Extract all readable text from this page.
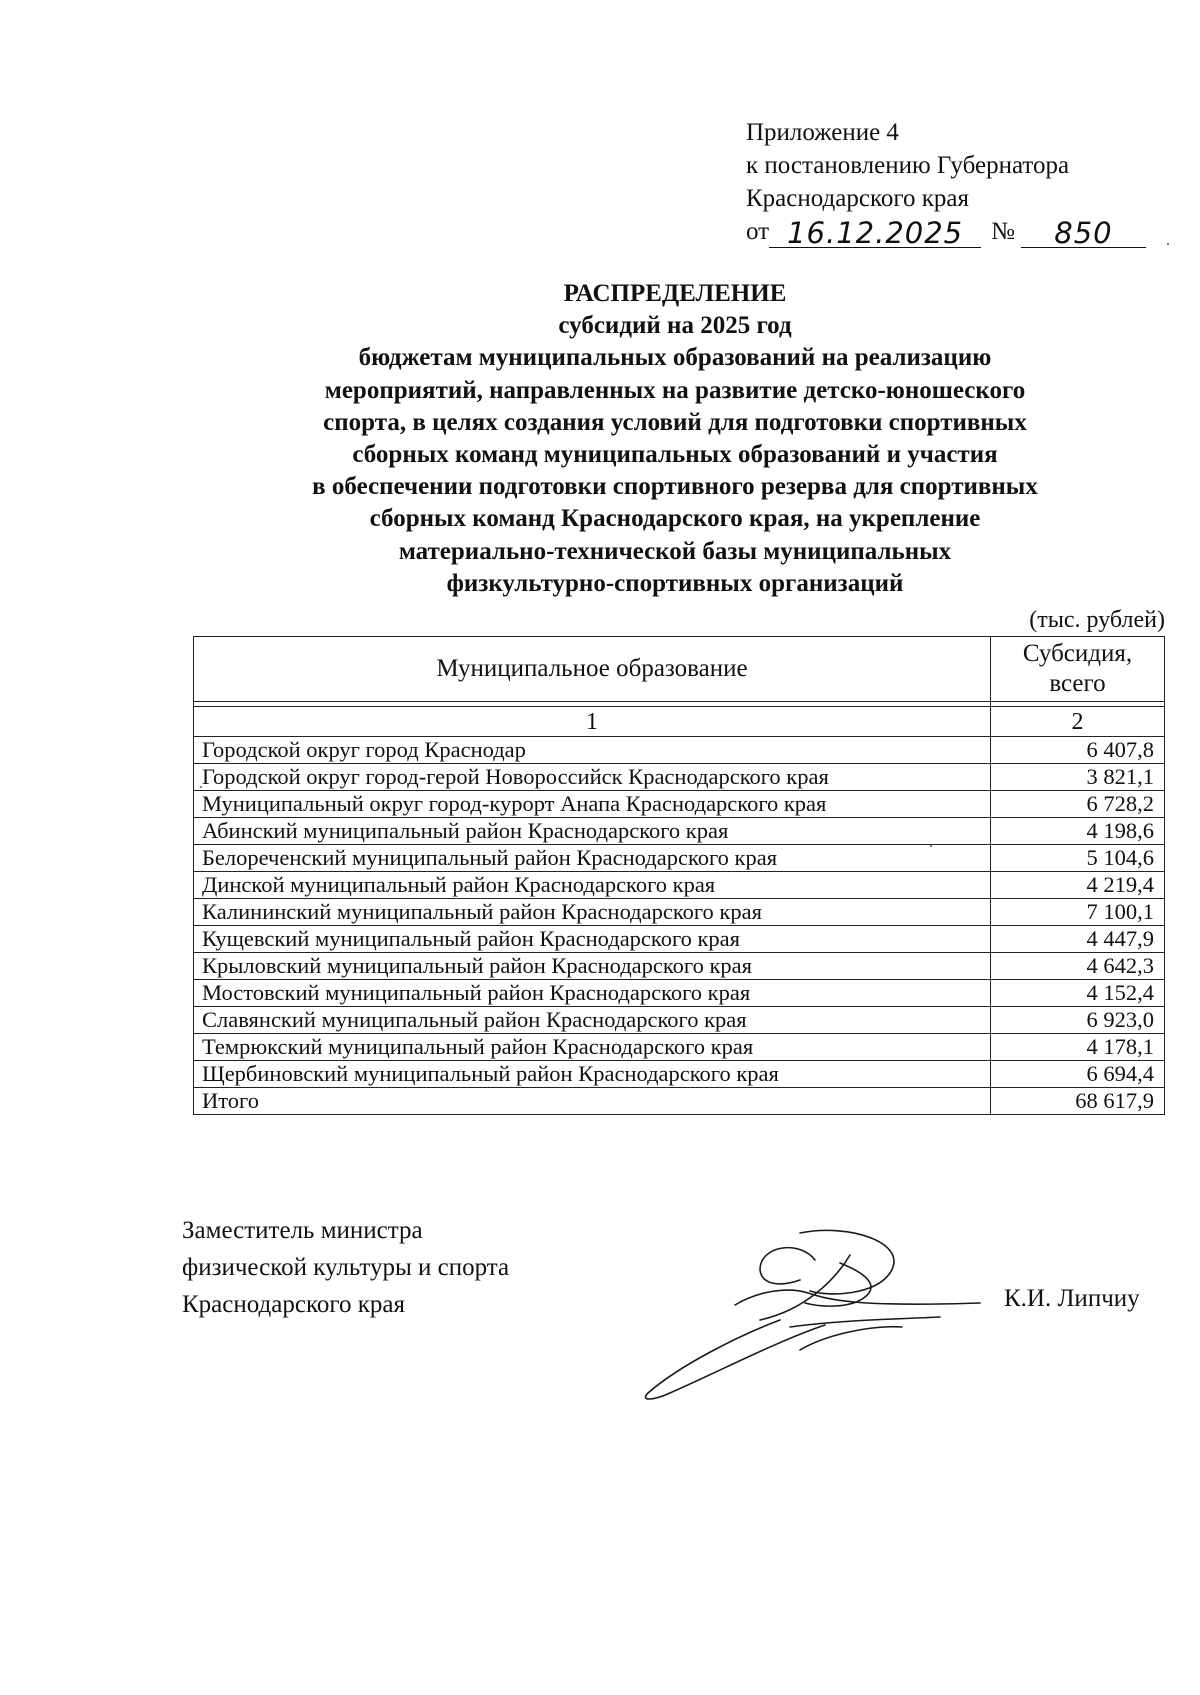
Приложение 4
к постановлению Губернатора
Краснодарского края
от 16.12.2025	№	850
РАСПРЕДЕЛЕНИЕ
субсидий на 2025 год
бюджетам муниципальных образований на реализацию
мероприятий, направленных на развитие детско-юношеского
спорта, в целях создания условий для подготовки спортивных
сборных команд муниципальных образований и участия
в обеспечении подготовки спортивного резерва для спортивных
сборных команд Краснодарского края, на укрепление
материально-технической базы муниципальных
физкультурно-спортивных организаций
(тыс. рублей)
Муниципальное образование	Субсидия,
всего

1	2
Городской округ город Краснодар	6 407,8
Городской округ город-герой Новороссийск Краснодарского края	3 821,1
Муниципальный округ город-курорт Анапа Краснодарского края	6 728,2
Абинский муниципальный район Краснодарского края	4 198,6
Белореченский муниципальный район Краснодарского края	5 104,6
Динской муниципальный район Краснодарского края	4 219,4
Калининский муниципальный район Краснодарского края	7 100,1
Кущевский муниципальный район Краснодарского края	4 447,9
Крыловский муниципальный район Краснодарского края	4 642,3
Мостовский муниципальный район Краснодарского края	4 152,4
Славянский муниципальный район Краснодарского края	6 923,0
Темрюкский муниципальный район Краснодарского края	4 178,1
Щербиновский муниципальный район Краснодарского края	6 694,4
Итого	68 617,9
Заместитель министра
физической культуры и спорта
Краснодарского края	К.И. Липчиу
